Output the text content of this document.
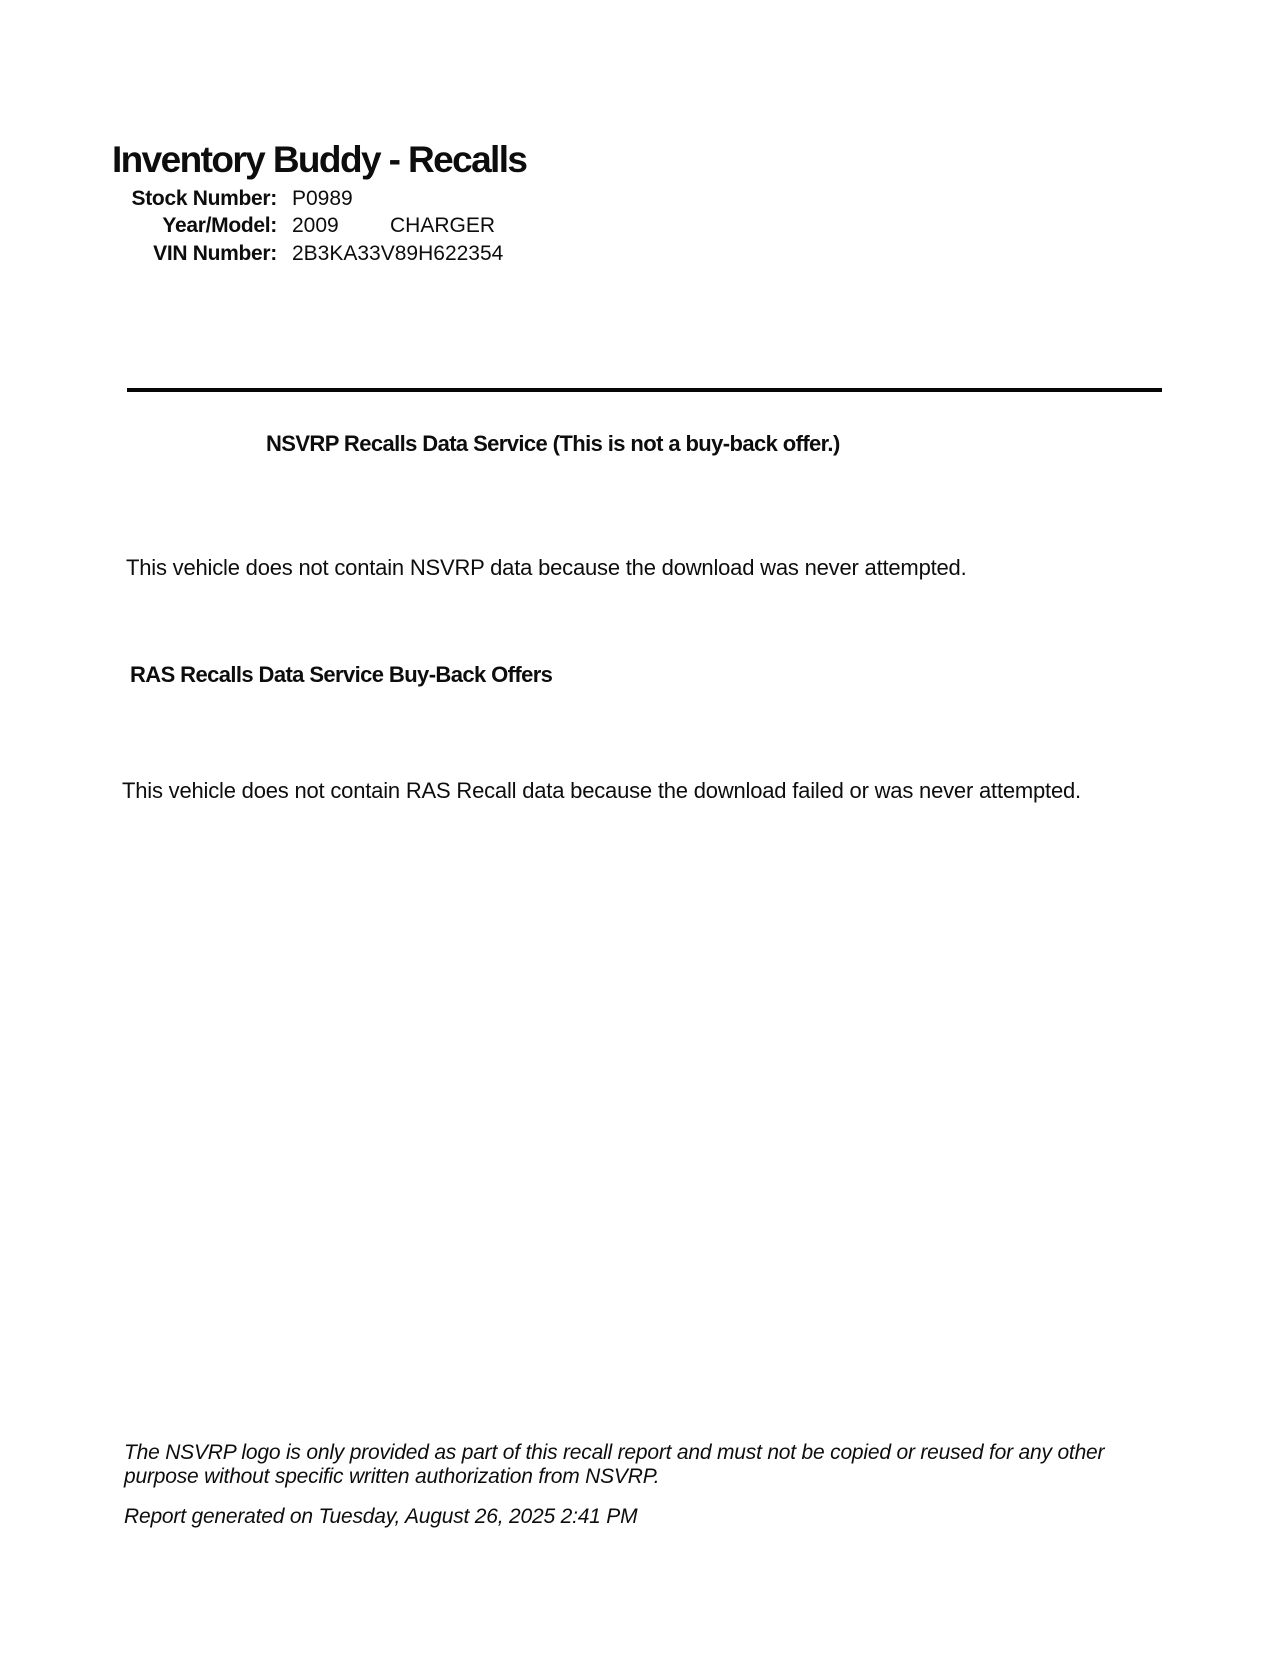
Inventory Buddy - Recalls
Stock Number: P0989
Year/Model: 2009 CHARGER
VIN Number: 2B3KA33V89H622354
NSVRP Recalls Data Service (This is not a buy-back offer.)

This vehicle does not contain NSVRP data because the download was never attempted.

RAS Recalls Data Service Buy-Back Offers

This vehicle does not contain RAS Recall data because the download failed or was never attempted.

The NSVRP logo is only provided as part of this recall report and must not be copied or reused for any other purpose without specific written authorization from NSVRP.

Report generated on Tuesday, August 26, 2025 2:41 PM
